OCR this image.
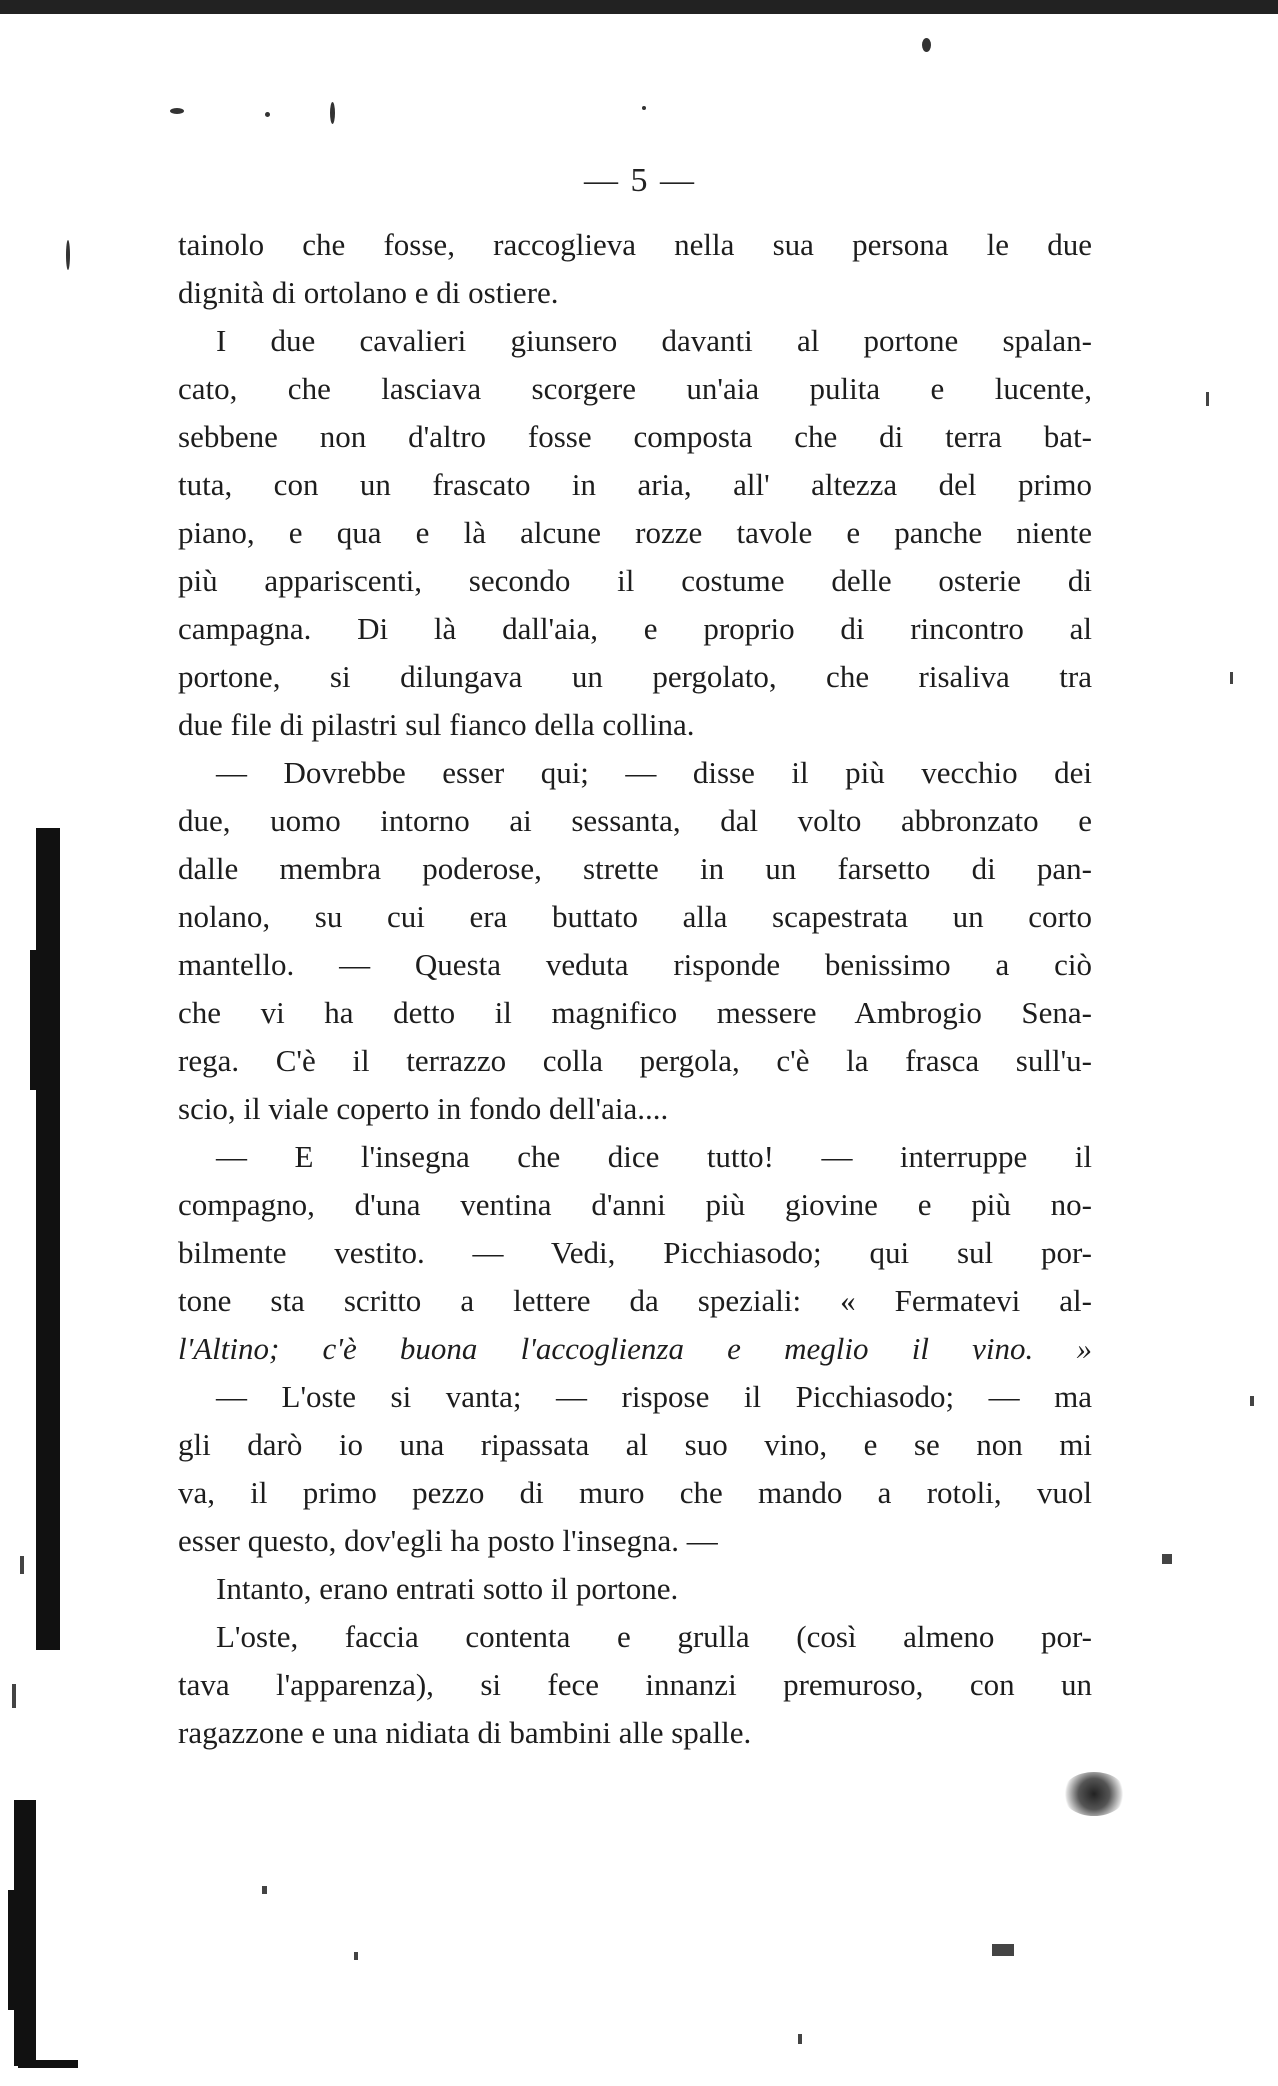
— 5 —
tainolo che fosse, raccoglieva nella sua persona le due
dignità di ortolano e di ostiere.
I due cavalieri giunsero davanti al portone spalan-
cato, che lasciava scorgere un'aia pulita e lucente,
sebbene non d'altro fosse composta che di terra bat-
tuta, con un frascato in aria, all' altezza del primo
piano, e qua e là alcune rozze tavole e panche niente
più appariscenti, secondo il costume delle osterie di
campagna. Di là dall'aia, e proprio di rincontro al
portone, si dilungava un pergolato, che risaliva tra
due file di pilastri sul fianco della collina.
— Dovrebbe esser qui; — disse il più vecchio dei
due, uomo intorno ai sessanta, dal volto abbronzato e
dalle membra poderose, strette in un farsetto di pan-
nolano, su cui era buttato alla scapestrata un corto
mantello. — Questa veduta risponde benissimo a ciò
che vi ha detto il magnifico messere Ambrogio Sena-
rega. C'è il terrazzo colla pergola, c'è la frasca sull'u-
scio, il viale coperto in fondo dell'aia....
— E l'insegna che dice tutto! — interruppe il
compagno, d'una ventina d'anni più giovine e più no-
bilmente vestito. — Vedi, Picchiasodo; qui sul por-
tone sta scritto a lettere da speziali: « Fermatevi al-
l'Altino; c'è buona l'accoglienza e meglio il vino. »
— L'oste si vanta; — rispose il Picchiasodo; — ma
gli darò io una ripassata al suo vino, e se non mi
va, il primo pezzo di muro che mando a rotoli, vuol
esser questo, dov'egli ha posto l'insegna. —
Intanto, erano entrati sotto il portone.
L'oste, faccia contenta e grulla (così almeno por-
tava l'apparenza), si fece innanzi premuroso, con un
ragazzone e una nidiata di bambini alle spalle.
